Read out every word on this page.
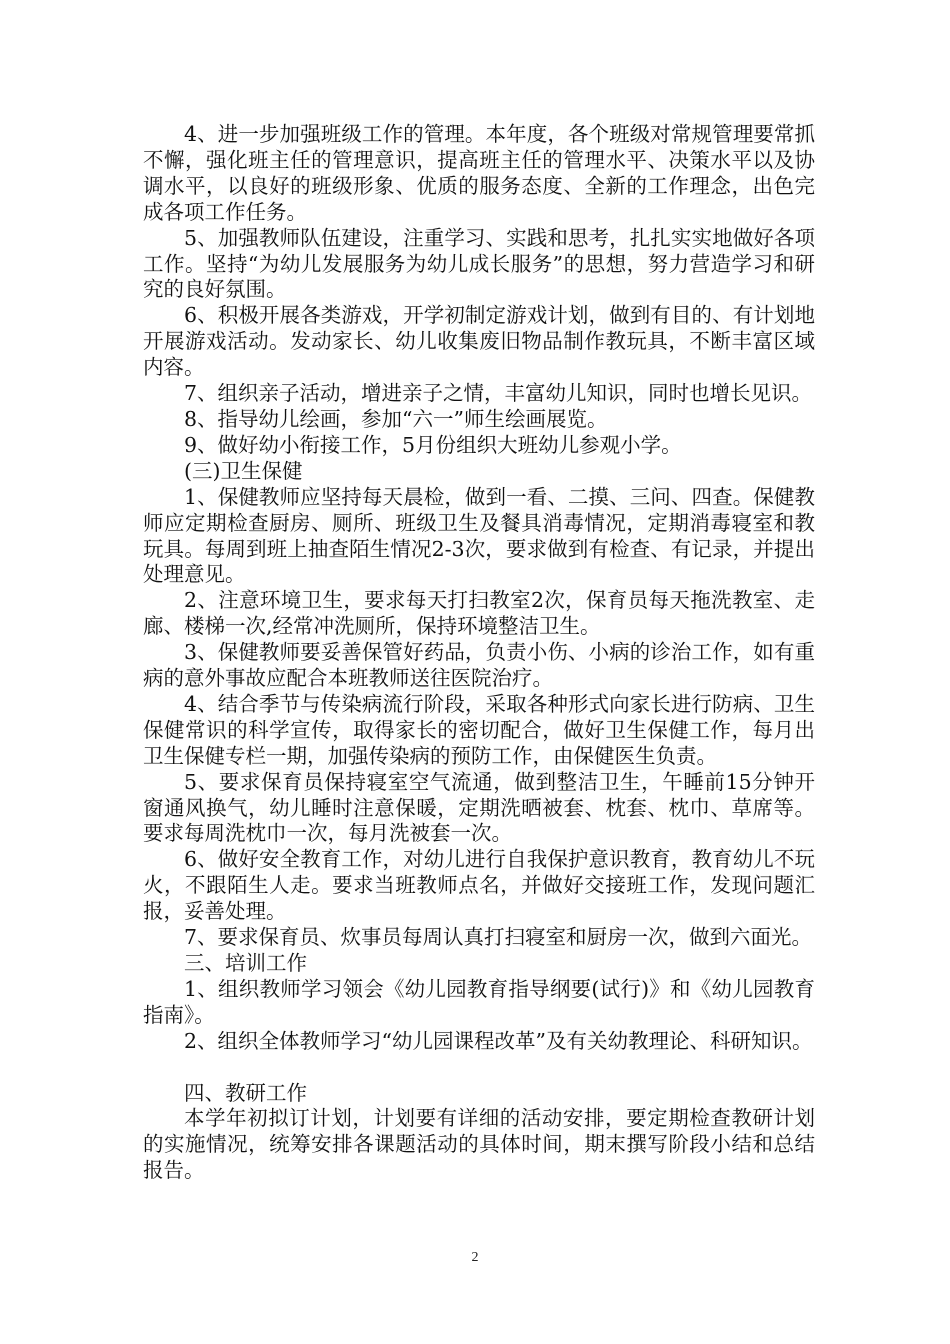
4、进一步加强班级工作的管理。本年度，各个班级对常规管理要常抓不懈，强化班主任的管理意识，提高班主任的管理水平、决策水平以及协调水平，以良好的班级形象、优质的服务态度、全新的工作理念，出色完成各项工作任务。

5、加强教师队伍建设，注重学习、实践和思考，扎扎实实地做好各项工作。坚持“为幼儿发展服务为幼儿成长服务”的思想，努力营造学习和研究的良好氛围。

6、积极开展各类游戏，开学初制定游戏计划，做到有目的、有计划地开展游戏活动。发动家长、幼儿收集废旧物品制作教玩具，不断丰富区域内容。

7、组织亲子活动，增进亲子之情，丰富幼儿知识，同时也增长见识。

8、指导幼儿绘画，参加“六一”师生绘画展览。

9、做好幼小衔接工作，5月份组织大班幼儿参观小学。

(三)卫生保健

1、保健教师应坚持每天晨检，做到一看、二摸、三问、四查。保健教师应定期检查厨房、厕所、班级卫生及餐具消毒情况，定期消毒寝室和教玩具。每周到班上抽查陌生情况2-3次，要求做到有检查、有记录，并提出处理意见。

2、注意环境卫生，要求每天打扫教室2次，保育员每天拖洗教室、走廊、楼梯一次,经常冲洗厕所，保持环境整洁卫生。

3、保健教师要妥善保管好药品，负责小伤、小病的诊治工作，如有重病的意外事故应配合本班教师送往医院治疗。

4、结合季节与传染病流行阶段，采取各种形式向家长进行防病、卫生保健常识的科学宣传，取得家长的密切配合，做好卫生保健工作，每月出卫生保健专栏一期，加强传染病的预防工作，由保健医生负责。

5、要求保育员保持寝室空气流通，做到整洁卫生，午睡前15分钟开窗通风换气，幼儿睡时注意保暖，定期洗晒被套、枕套、枕巾、草席等。要求每周洗枕巾一次，每月洗被套一次。

6、做好安全教育工作，对幼儿进行自我保护意识教育，教育幼儿不玩火，不跟陌生人走。要求当班教师点名，并做好交接班工作，发现问题汇报，妥善处理。

7、要求保育员、炊事员每周认真打扫寝室和厨房一次，做到六面光。

三、培训工作

1、组织教师学习领会《幼儿园教育指导纲要(试行)》和《幼儿园教育指南》。

2、组织全体教师学习“幼儿园课程改革”及有关幼教理论、科研知识。

四、教研工作

本学年初拟订计划，计划要有详细的活动安排，要定期检查教研计划的实施情况，统筹安排各课题活动的具体时间，期末撰写阶段小结和总结报告。

2
